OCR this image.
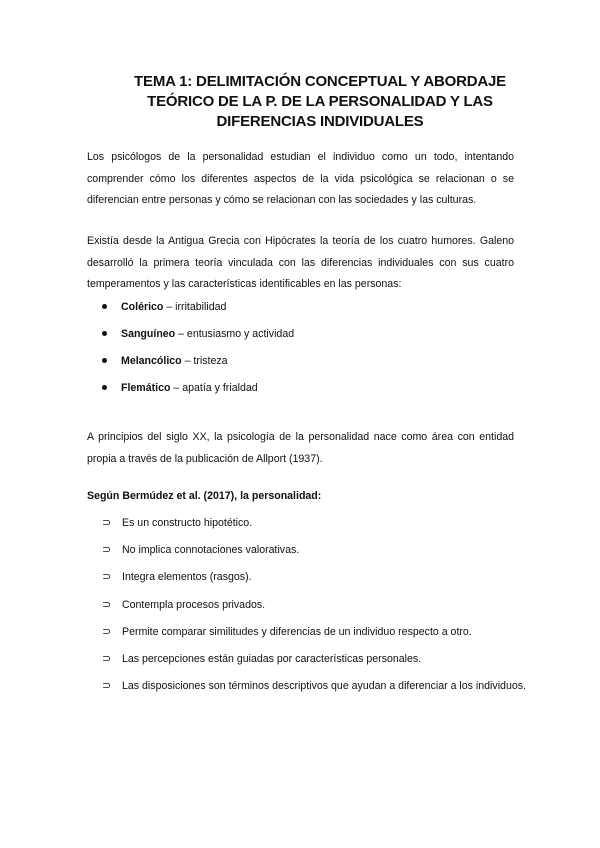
TEMA 1: DELIMITACIÓN CONCEPTUAL Y ABORDAJE
TEÓRICO DE LA P. DE LA PERSONALIDAD Y LAS
DIFERENCIAS INDIVIDUALES
Los psicólogos de la personalidad estudian el individuo como un todo, intentando comprender cómo los diferentes aspectos de la vida psicológica se relacionan o se diferencian entre personas y cómo se relacionan con las sociedades y las culturas.
Existía desde la Antigua Grecia con Hipócrates la teoría de los cuatro humores. Galeno desarrolló la primera teoría vinculada con las diferencias individuales con sus cuatro temperamentos y las características identificables en las personas:
Colérico – irritabilidad
Sanguíneo – entusiasmo y actividad
Melancólico – tristeza
Flemático – apatía y frialdad
A principios del siglo XX, la psicología de la personalidad nace como área con entidad propia a través de la publicación de Allport (1937).
Según Bermúdez et al. (2017), la personalidad:
⊃ Es un constructo hipotético.
⊃ No implica connotaciones valorativas.
⊃ Integra elementos (rasgos).
⊃ Contempla procesos privados.
⊃ Permite comparar similitudes y diferencias de un individuo respecto a otro.
⊃ Las percepciones están guiadas por características personales.
⊃ Las disposiciones son términos descriptivos que ayudan a diferenciar a los individuos.
